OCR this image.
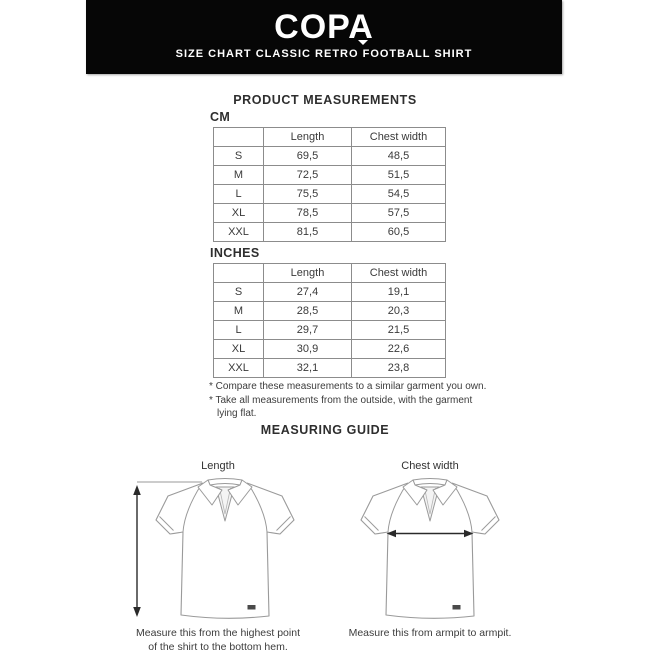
COPA
SIZE CHART CLASSIC RETRO FOOTBALL SHIRT
PRODUCT MEASUREMENTS
CM
	Length	Chest width
S	69,5	48,5
M	72,5	51,5
L	75,5	54,5
XL	78,5	57,5
XXL	81,5	60,5
INCHES
	Length	Chest width
S	27,4	19,1
M	28,5	20,3
L	29,7	21,5
XL	30,9	22,6
XXL	32,1	23,8
* Compare these measurements to a similar garment you own.
* Take all measurements from the outside, with the garment
lying flat.
MEASURING GUIDE
Length
Measure this from the highest point
of the shirt to the bottom hem.
Chest width
Measure this from armpit to armpit.
